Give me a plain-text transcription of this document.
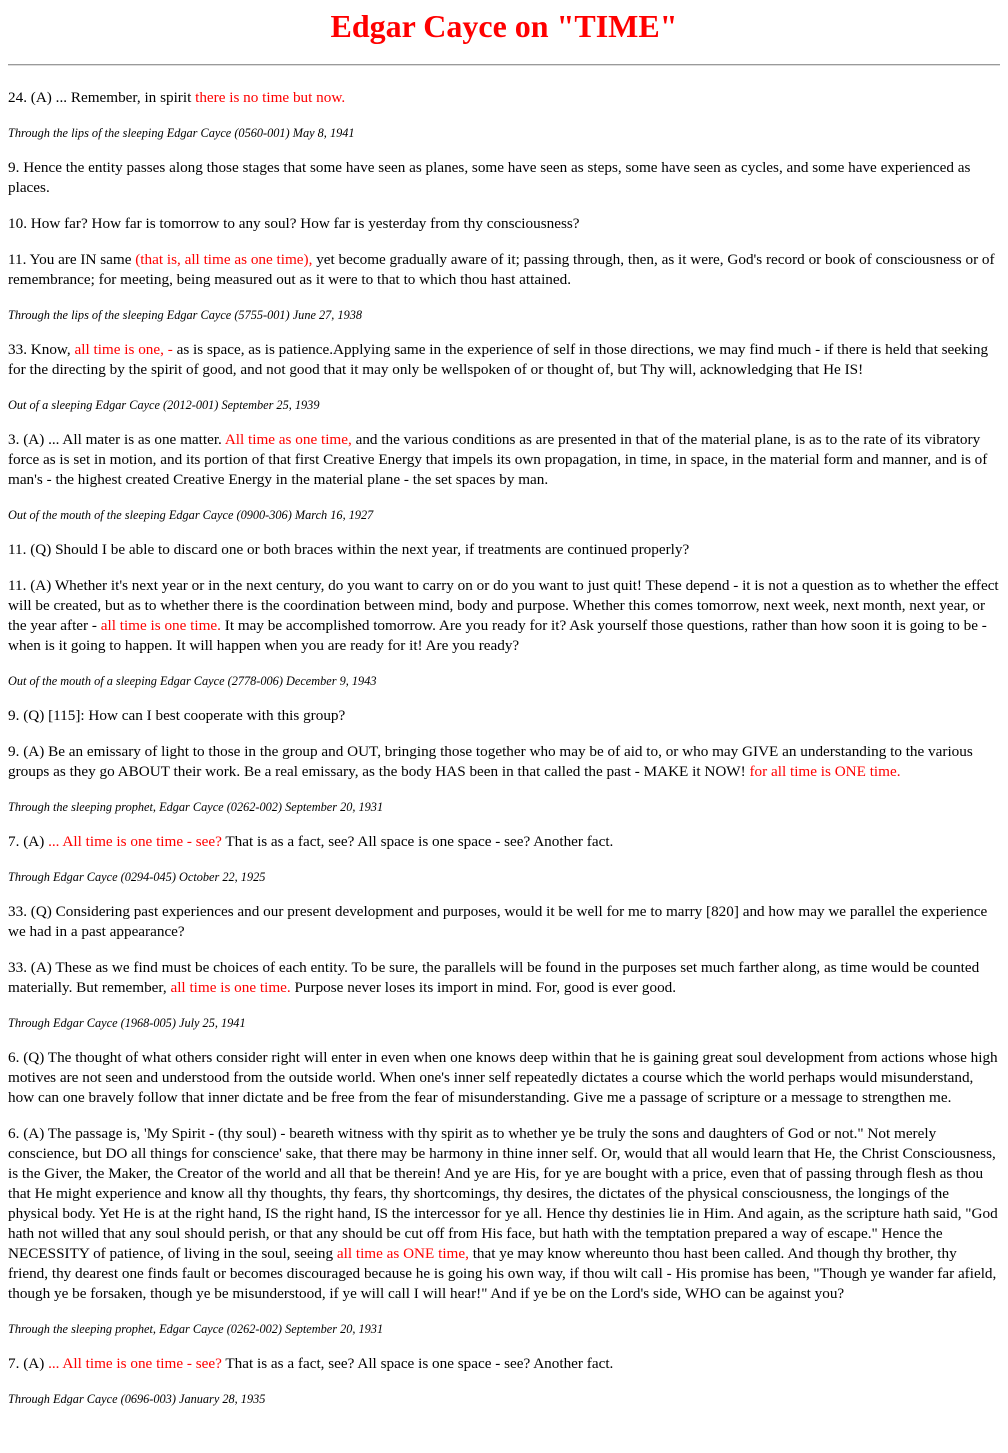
Edgar Cayce on "TIME"

24. (A) ... Remember, in spirit there is no time but now.

Through the lips of the sleeping Edgar Cayce (0560-001) May 8, 1941

9. Hence the entity passes along those stages that some have seen as planes, some have seen as steps, some have seen as cycles, and some have experienced as places.

10. How far? How far is tomorrow to any soul? How far is yesterday from thy consciousness?

11. You are IN same (that is, all time as one time), yet become gradually aware of it; passing through, then, as it were, God's record or book of consciousness or of remembrance; for meeting, being measured out as it were to that to which thou hast attained.

Through the lips of the sleeping Edgar Cayce (5755-001) June 27, 1938

33. Know, all time is one, - as is space, as is patience.Applying same in the experience of self in those directions, we may find much - if there is held that seeking for the directing by the spirit of good, and not good that it may only be wellspoken of or thought of, but Thy will, acknowledging that He IS!

Out of a sleeping Edgar Cayce (2012-001) September 25, 1939

3. (A) ... All mater is as one matter. All time as one time, and the various conditions as are presented in that of the material plane, is as to the rate of its vibratory force as is set in motion, and its portion of that first Creative Energy that impels its own propagation, in time, in space, in the material form and manner, and is of man's - the highest created Creative Energy in the material plane - the set spaces by man.

Out of the mouth of the sleeping Edgar Cayce (0900-306) March 16, 1927

11. (Q) Should I be able to discard one or both braces within the next year, if treatments are continued properly?

11. (A) Whether it's next year or in the next century, do you want to carry on or do you want to just quit! These depend - it is not a question as to whether the effect will be created, but as to whether there is the coordination between mind, body and purpose. Whether this comes tomorrow, next week, next month, next year, or the year after - all time is one time. It may be accomplished tomorrow. Are you ready for it? Ask yourself those questions, rather than how soon it is going to be - when is it going to happen. It will happen when you are ready for it! Are you ready?

Out of the mouth of a sleeping Edgar Cayce (2778-006) December 9, 1943

9. (Q) [115]: How can I best cooperate with this group?

9. (A) Be an emissary of light to those in the group and OUT, bringing those together who may be of aid to, or who may GIVE an understanding to the various groups as they go ABOUT their work. Be a real emissary, as the body HAS been in that called the past - MAKE it NOW! for all time is ONE time.

Through the sleeping prophet, Edgar Cayce (0262-002) September 20, 1931

7. (A) ... All time is one time - see? That is as a fact, see? All space is one space - see? Another fact.

Through Edgar Cayce (0294-045) October 22, 1925

33. (Q) Considering past experiences and our present development and purposes, would it be well for me to marry [820] and how may we parallel the experience we had in a past appearance?

33. (A) These as we find must be choices of each entity. To be sure, the parallels will be found in the purposes set much farther along, as time would be counted materially. But remember, all time is one time. Purpose never loses its import in mind. For, good is ever good.

Through Edgar Cayce (1968-005) July 25, 1941

6. (Q) The thought of what others consider right will enter in even when one knows deep within that he is gaining great soul development from actions whose high motives are not seen and understood from the outside world. When one's inner self repeatedly dictates a course which the world perhaps would misunderstand, how can one bravely follow that inner dictate and be free from the fear of misunderstanding. Give me a passage of scripture or a message to strengthen me.

6. (A) The passage is, 'My Spirit - (thy soul) - beareth witness with thy spirit as to whether ye be truly the sons and daughters of God or not." Not merely conscience, but DO all things for conscience' sake, that there may be harmony in thine inner self. Or, would that all would learn that He, the Christ Consciousness, is the Giver, the Maker, the Creator of the world and all that be therein! And ye are His, for ye are bought with a price, even that of passing through flesh as thou that He might experience and know all thy thoughts, thy fears, thy shortcomings, thy desires, the dictates of the physical consciousness, the longings of the physical body. Yet He is at the right hand, IS the right hand, IS the intercessor for ye all. Hence thy destinies lie in Him. And again, as the scripture hath said, "God hath not willed that any soul should perish, or that any should be cut off from His face, but hath with the temptation prepared a way of escape." Hence the NECESSITY of patience, of living in the soul, seeing all time as ONE time, that ye may know whereunto thou hast been called. And though thy brother, thy friend, thy dearest one finds fault or becomes discouraged because he is going his own way, if thou wilt call - His promise has been, "Though ye wander far afield, though ye be forsaken, though ye be misunderstood, if ye will call I will hear!" And if ye be on the Lord's side, WHO can be against you?

Through the sleeping prophet, Edgar Cayce (0262-002) September 20, 1931

7. (A) ... All time is one time - see? That is as a fact, see? All space is one space - see? Another fact.

Through Edgar Cayce (0696-003) January 28, 1935
